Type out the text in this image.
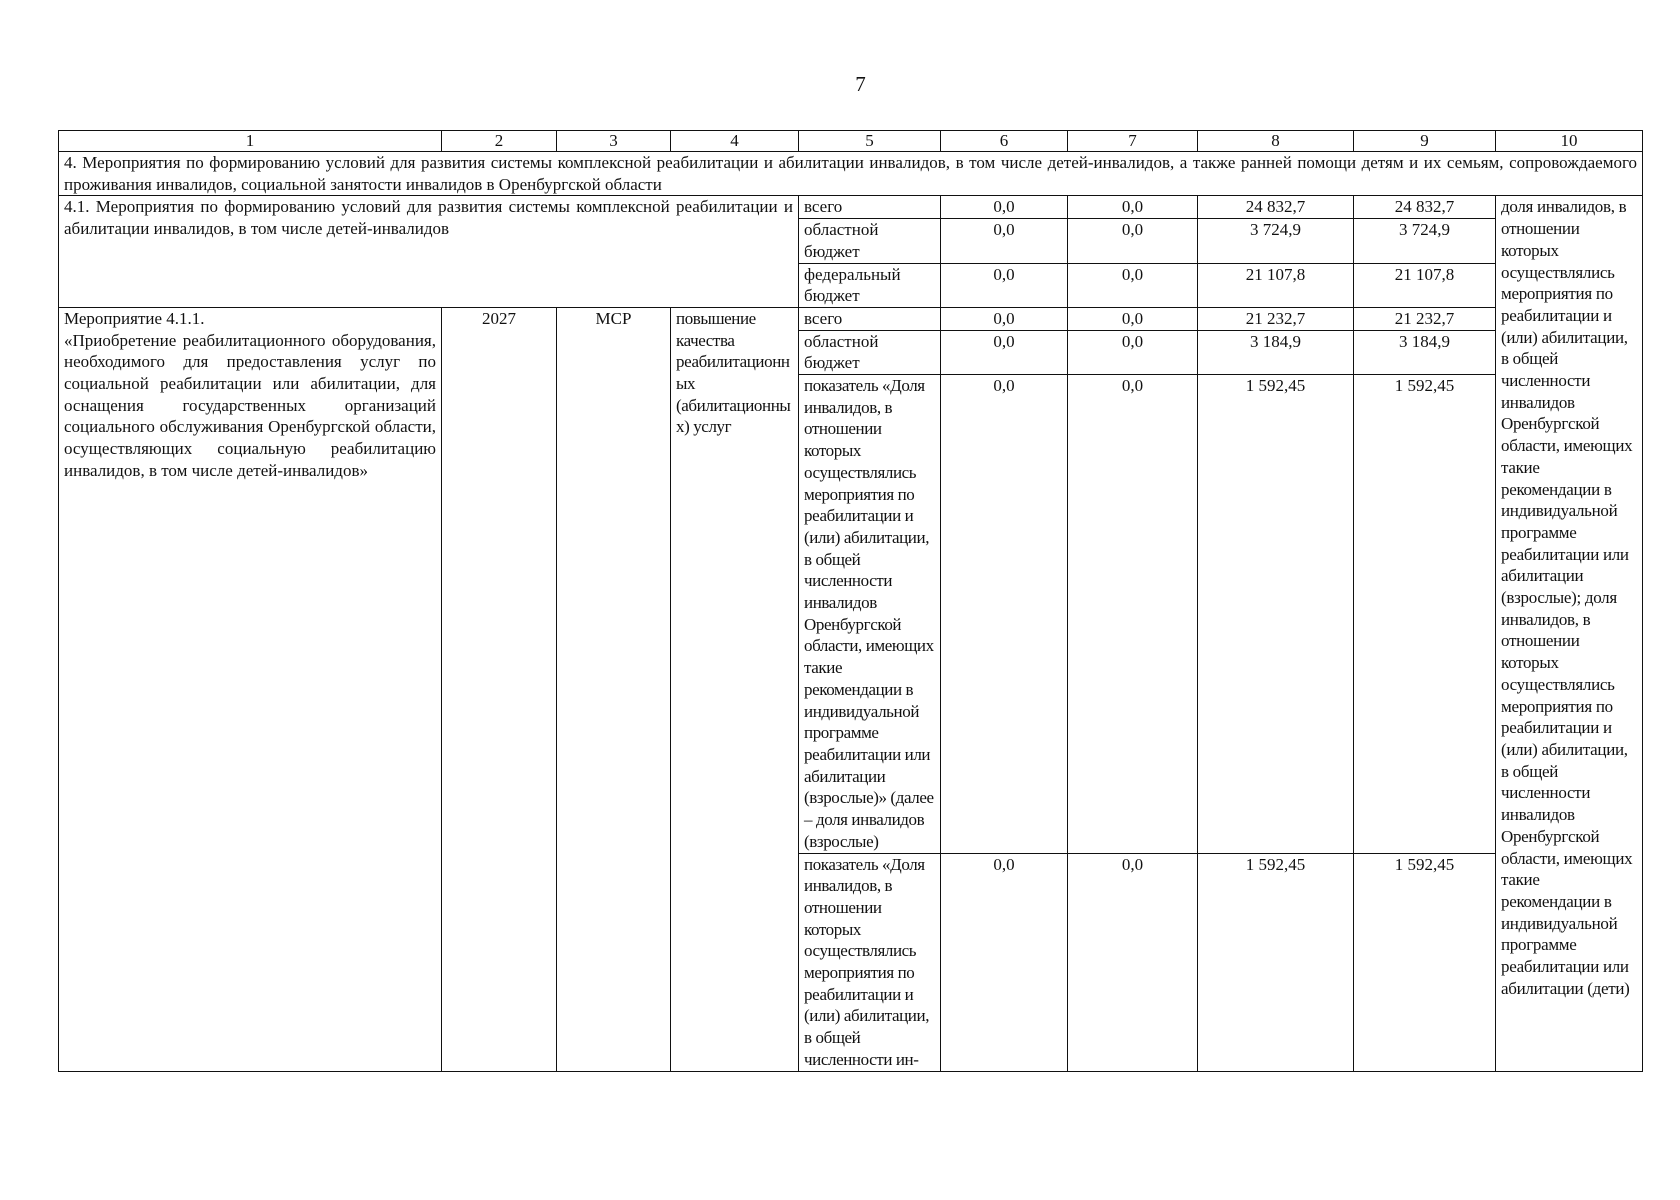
7
1	2	3	4	5	6	7	8	9	10
4. Мероприятия по формированию условий для развития системы комплексной реабилитации и абилитации инвалидов, в том числе детей-инвалидов, а также ранней помощи детям и их семьям, сопровождаемого проживания инвалидов, социальной занятости инвалидов в Оренбургской области									
4.1. Мероприятия по формированию условий для развития системы комплексной реабилитации и абилитации инвалидов, в том числе детей-инвалидов				всего	0,0	0,0	24 832,7	24 832,7	доля инвалидов, в отношении которых осуществлялись мероприятия по реабилитации и (или) абилитации, в общей численности инвалидов Оренбургской области, имеющих такие рекомендации в индивидуальной программе реабилитации или абилитации (взрослые); доля инвалидов, в отношении которых осуществлялись мероприятия по реабилитации и (или) абилитации, в общей численности инвалидов Оренбургской области, имеющих такие рекомендации в индивидуальной программе реабилитации или абилитации (дети)
				областной бюджет	0,0	0,0	3 724,9	3 724,9	
				федеральный бюджет	0,0	0,0	21 107,8	21 107,8	

Мероприятие 4.1.1.
«Приобретение реабилитационного оборудования, необходимого для предоставления услуг по социальной реабилитации или абилитации, для оснащения государственных организаций социального обслуживания Оренбургской области, осуществляющих социальную реабилитацию инвалидов, в том числе детей-инвалидов»	2027	МСР	повышение качества реабилитационных (абилитационных) услуг	всего	0,0	0,0	21 232,7	21 232,7	
				областной бюджет	0,0	0,0	3 184,9	3 184,9	
				показатель «Доля инвалидов, в отношении которых осуществлялись мероприятия по реабилитации и (или) абилитации, в общей численности инвалидов Оренбургской области, имеющих такие рекомендации в индивидуальной программе реабилитации или абилитации (взрослые)» (далее – доля инвалидов (взрослые)	0,0	0,0	1 592,45	1 592,45	
				показатель «Доля инвалидов, в отношении которых осуществлялись мероприятия по реабилитации и (или) абилитации, в общей численности ин-	0,0	0,0	1 592,45	1 592,45	
